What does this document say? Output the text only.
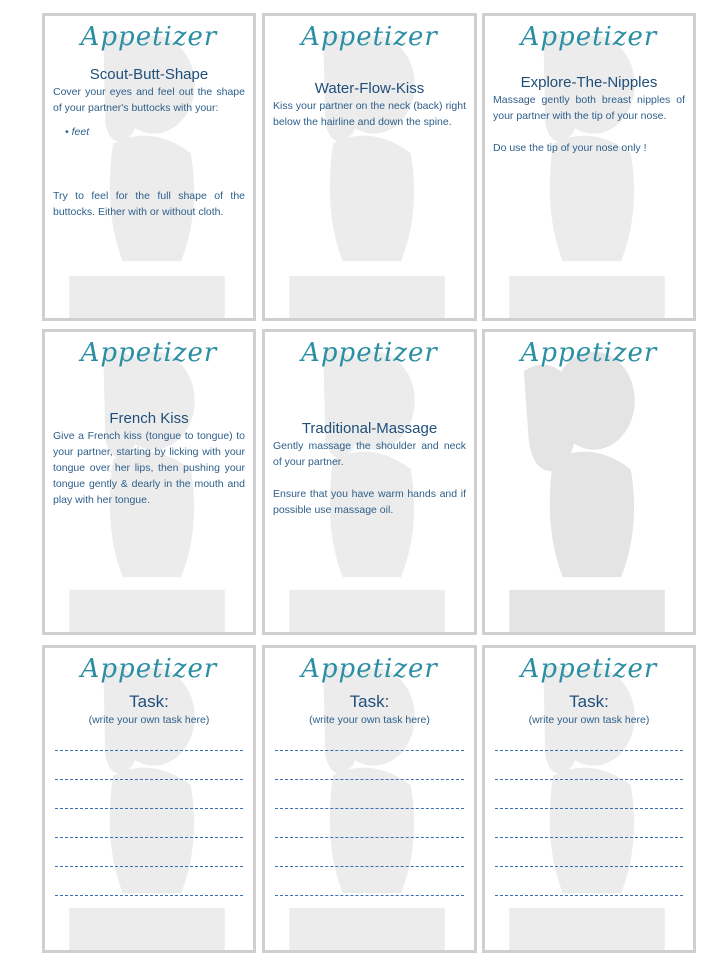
Appetizer
Scout-Butt-Shape
Cover your eyes and feel out the shape of your partner's buttocks with your:
• feet
Try to feel for the full shape of the buttocks. Either with or without cloth.
Appetizer
Water-Flow-Kiss
Kiss your partner on the neck (back) right below the hairline and down the spine.
Appetizer
Explore-The-Nipples
Massage gently both breast nipples of your partner with the tip of your nose.
Do use the tip of your nose only !
Appetizer
French Kiss
Give a French kiss (tongue to tongue) to your partner, starting by licking with your tongue over her lips, then pushing your tongue gently & dearly in the mouth and play with her tongue.
Appetizer
Traditional-Massage
Gently massage the shoulder and neck of your partner.
Ensure that you have warm hands and if possible use massage oil.
Appetizer
Appetizer
Task:
(write your own task here)
Appetizer
Task:
(write your own task here)
Appetizer
Task:
(write your own task here)
